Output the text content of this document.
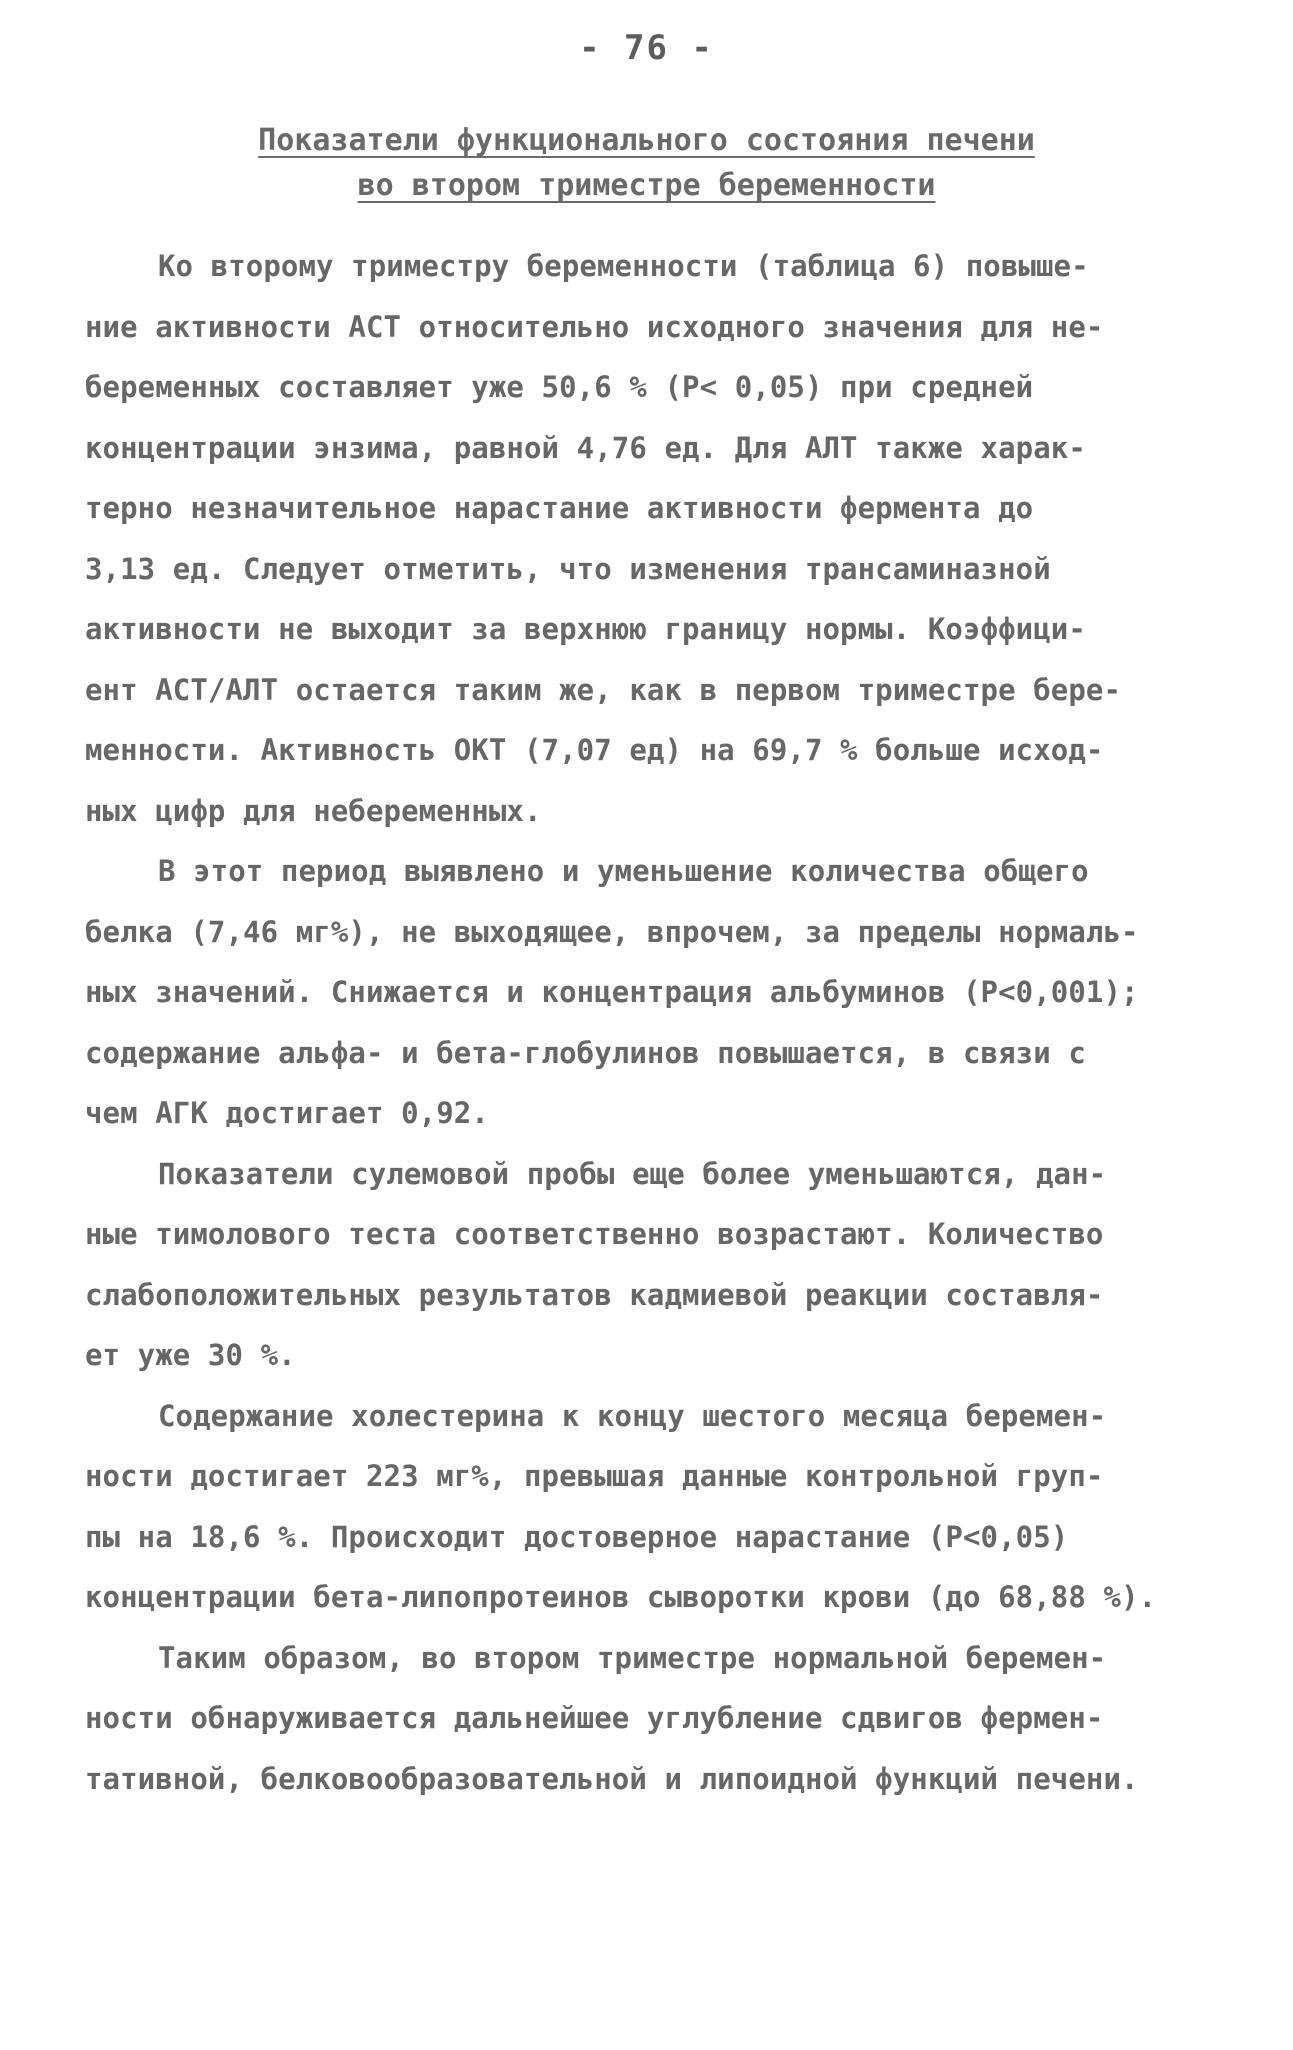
- 76 -
Показатели функционального состояния печени
во втором триместре беременности
Ко второму триместру беременности (таблица 6) повыше-
ние активности АСТ относительно исходного значения для не-
беременных составляет уже 50,6 % (P< 0,05) при средней
концентрации энзима, равной 4,76 ед. Для АЛТ также харак-
терно незначительное нарастание активности фермента до
3,13 ед. Следует отметить, что изменения трансаминазной
активности не выходит за верхнюю границу нормы. Коэффици-
ент АСТ/АЛТ остается таким же, как в первом триместре бере-
менности. Активность ОКТ (7,07 ед) на 69,7 % больше исход-
ных цифр для небеременных.
В этот период выявлено и уменьшение количества общего
белка (7,46 мг%), не выходящее, впрочем, за пределы нормаль-
ных значений. Снижается и концентрация альбуминов (P<0,001);
содержание альфа- и бета-глобулинов повышается, в связи с
чем АГК достигает 0,92.
Показатели сулемовой пробы еще более уменьшаются, дан-
ные тимолового теста соответственно возрастают. Количество
слабоположительных результатов кадмиевой реакции составля-
ет уже 30 %.
Содержание холестерина к концу шестого месяца беремен-
ности достигает 223 мг%, превышая данные контрольной груп-
пы на 18,6 %. Происходит достоверное нарастание (P<0,05)
концентрации бета-липопротеинов сыворотки крови (до 68,88 %).
Таким образом, во втором триместре нормальной беремен-
ности обнаруживается дальнейшее углубление сдвигов фермен-
тативной, белковообразовательной и липоидной функций печени.
